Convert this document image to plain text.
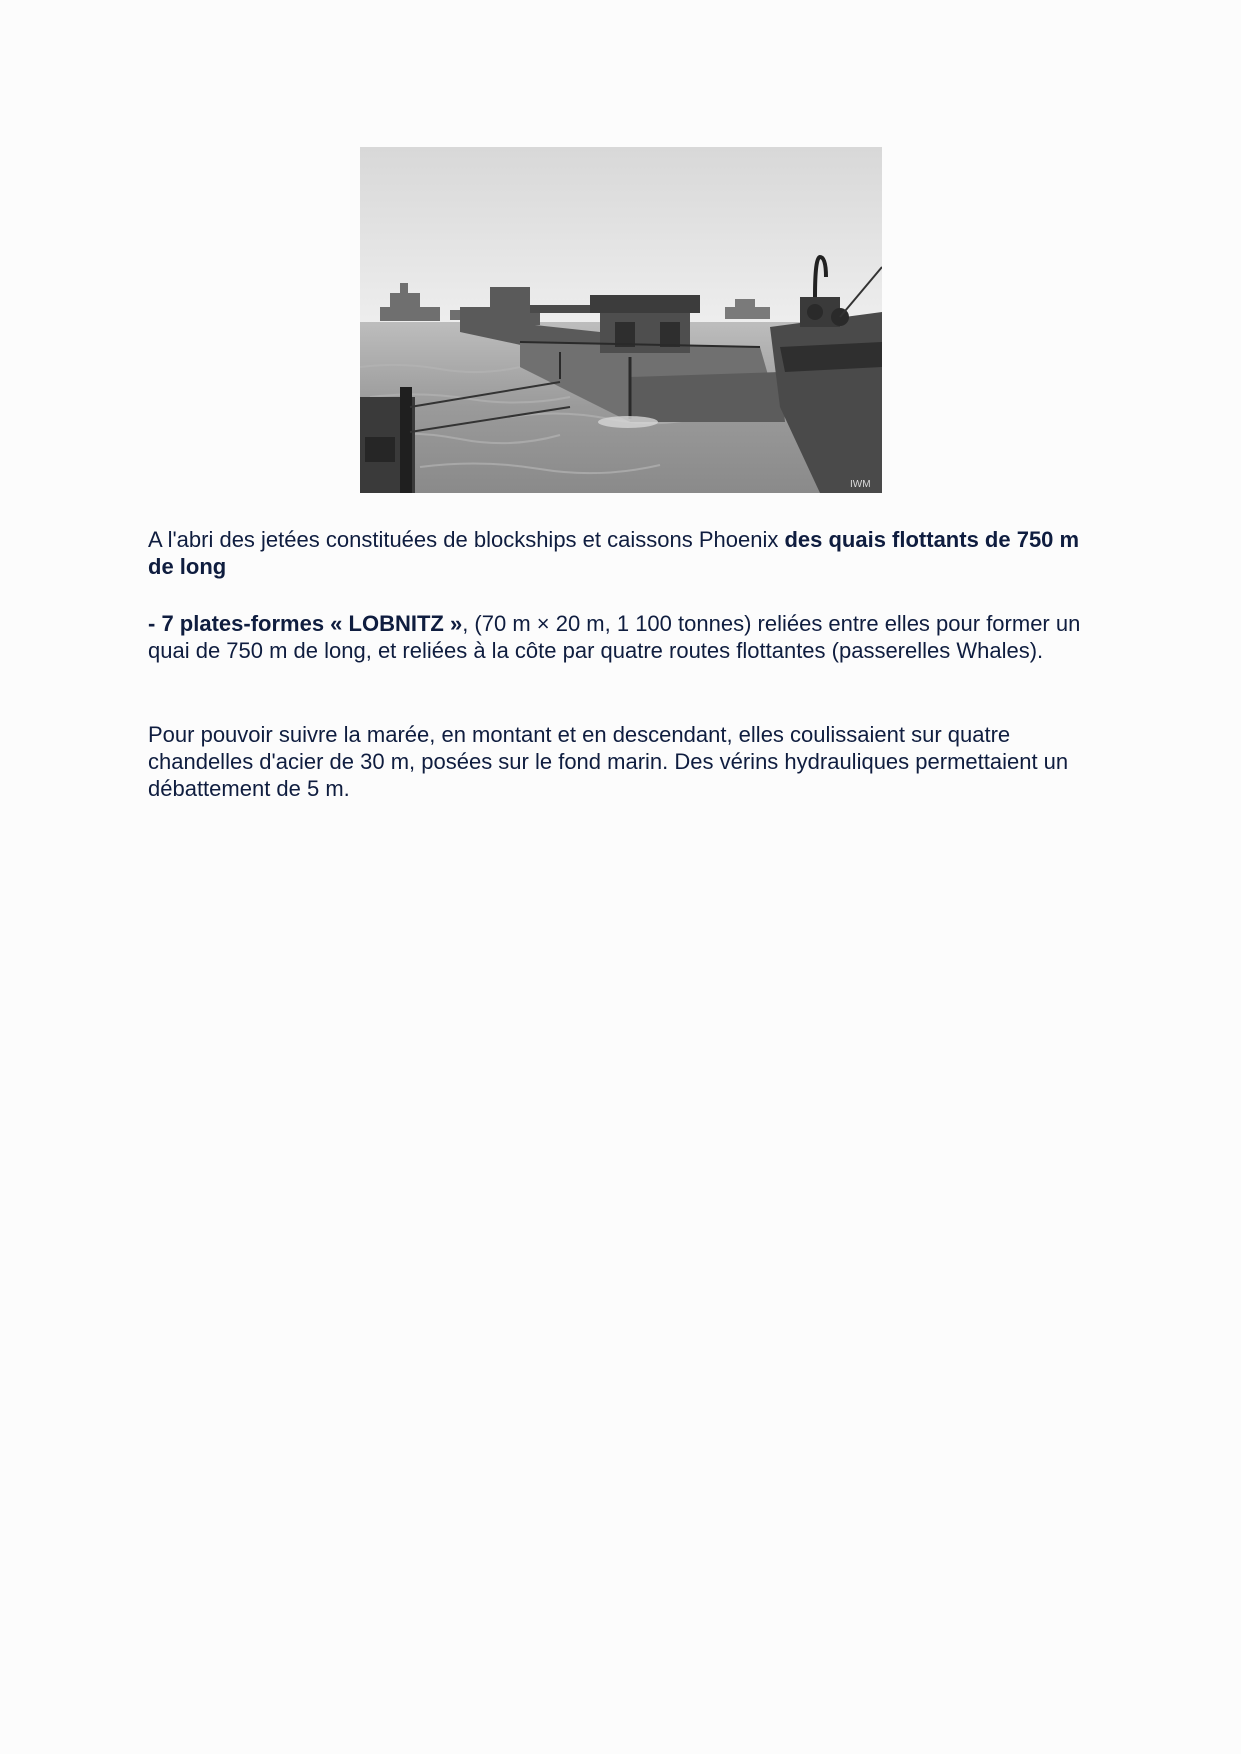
IWM
A l'abri des jetées constituées de blockships et caissons Phoenix des quais flottants de 750 m de long
- 7 plates-formes « LOBNITZ », (70 m × 20 m, 1 100 tonnes) reliées entre elles pour former un quai de 750 m de long, et reliées à la côte par quatre routes flottantes (passerelles Whales).
Pour pouvoir suivre la marée, en montant et en descendant, elles coulissaient sur quatre chandelles d'acier de 30 m, posées sur le fond marin. Des vérins hydrauliques permettaient un débattement de 5 m.
